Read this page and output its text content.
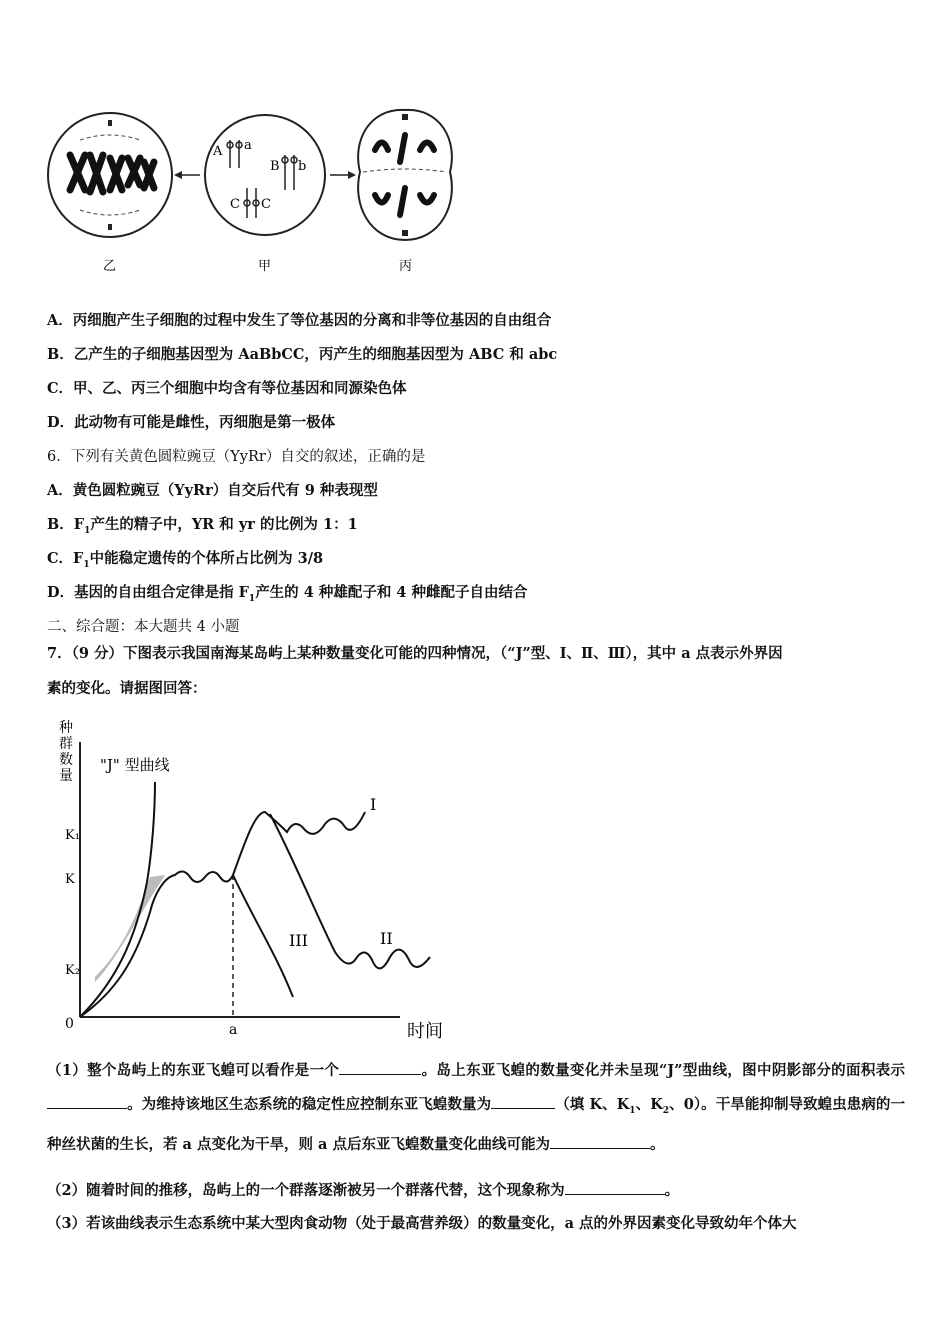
A a
B b
C C
乙	甲	丙
A．丙细胞产生子细胞的过程中发生了等位基因的分离和非等位基因的自由组合
B．乙产生的子细胞基因型为 AaBbCC，丙产生的细胞基因型为 ABC 和 abc
C．甲、乙、丙三个细胞中均含有等位基因和同源染色体
D．此动物有可能是雌性，丙细胞是第一极体
6．下列有关黄色圆粒豌豆（YyRr）自交的叙述，正确的是
A．黄色圆粒豌豆（YyRr）自交后代有 9 种表现型
B．$F_1$产生的精子中，YR 和 yr 的比例为 1：1
C．$F_1$中能稳定遗传的个体所占比例为 3/8
D．基因的自由组合定律是指 $F_1$产生的 4 种雄配子和 4 种雌配子自由结合
二、综合题：本大题共 4 小题
7．（9 分）下图表示我国南海某岛屿上某种数量变化可能的四种情况，（“J”型、Ⅰ、Ⅱ、Ⅲ），其中 a 点表示外界因
素的变化。请据图回答：
种群数量
时间
K₁
K
K₂
0	a
"J" 型曲线
I
II
III
（1）整个岛屿上的东亚飞蝗可以看作是一个	。岛上东亚飞蝗的数量变化并未呈现“J”型曲线，图中阴影部分的面积表示。为维持该地区生态系统的稳定性应控制东亚飞蝗数量为	（填 K、$K_1$、$K_2$、0）。干旱能抑制导致蝗虫患病的一种丝状菌的生长，若 a 点变化为干旱，则 a 点后东亚飞蝗数量变化曲线可能为	。
（2）随着时间的推移，岛屿上的一个群落逐渐被另一个群落代替，这个现象称为	。
（3）若该曲线表示生态系统中某大型肉食动物（处于最高营养级）的数量变化，a 点的外界因素变化导致幼年个体大
